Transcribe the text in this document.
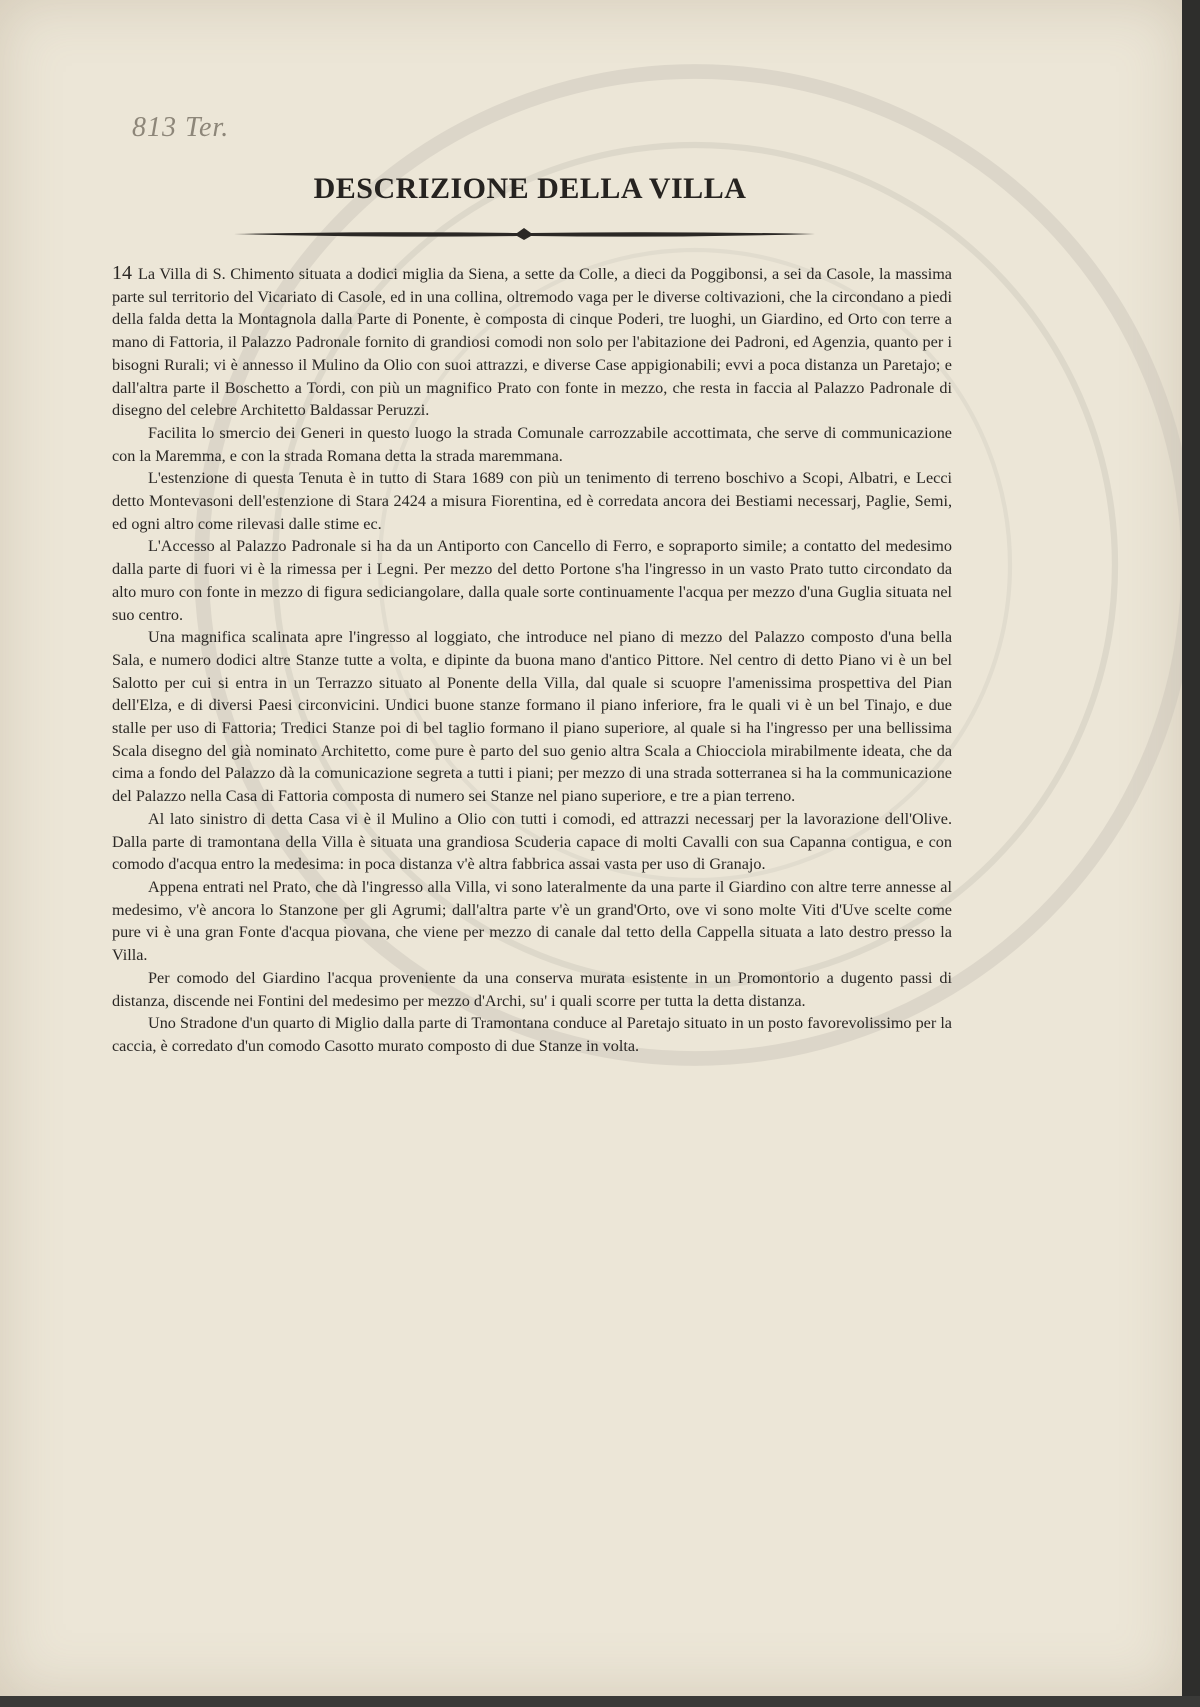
813 Ter.
DESCRIZIONE DELLA VILLA

14 La Villa di S. Chimento situata a dodici miglia da Siena, a sette da Colle, a dieci da Poggibonsi, a sei da Casole, la massima parte sul territorio del Vicariato di Casole, ed in una collina, oltremodo vaga per le diverse coltivazioni, che la circondano a piedi della falda detta la Montagnola dalla Parte di Ponente, è composta di cinque Poderi, tre luoghi, un Giardino, ed Orto con terre a mano di Fattoria, il Palazzo Padronale fornito di grandiosi comodi non solo per l'abitazione dei Padroni, ed Agenzia, quanto per i bisogni Rurali; vi è annesso il Mulino da Olio con suoi attrazzi, e diverse Case appigionabili; evvi a poca distanza un Paretajo; e dall'altra parte il Boschetto a Tordi, con più un magnifico Prato con fonte in mezzo, che resta in faccia al Palazzo Padronale di disegno del celebre Architetto Baldassar Peruzzi.

Facilita lo smercio dei Generi in questo luogo la strada Comunale carrozzabile accottimata, che serve di communicazione con la Maremma, e con la strada Romana detta la strada maremmana.

L'estenzione di questa Tenuta è in tutto di Stara 1689 con più un tenimento di terreno boschivo a Scopi, Albatri, e Lecci detto Montevasoni dell'estenzione di Stara 2424 a misura Fiorentina, ed è corredata ancora dei Bestiami necessarj, Paglie, Semi, ed ogni altro come rilevasi dalle stime ec.

L'Accesso al Palazzo Padronale si ha da un Antiporto con Cancello di Ferro, e sopraporto simile; a contatto del medesimo dalla parte di fuori vi è la rimessa per i Legni. Per mezzo del detto Portone s'ha l'ingresso in un vasto Prato tutto circondato da alto muro con fonte in mezzo di figura sediciangolare, dalla quale sorte continuamente l'acqua per mezzo d'una Guglia situata nel suo centro.

Una magnifica scalinata apre l'ingresso al loggiato, che introduce nel piano di mezzo del Palazzo composto d'una bella Sala, e numero dodici altre Stanze tutte a volta, e dipinte da buona mano d'antico Pittore. Nel centro di detto Piano vi è un bel Salotto per cui si entra in un Terrazzo situato al Ponente della Villa, dal quale si scuopre l'amenissima prospettiva del Pian dell'Elza, e di diversi Paesi circonvicini. Undici buone stanze formano il piano inferiore, fra le quali vi è un bel Tinajo, e due stalle per uso di Fattoria; Tredici Stanze poi di bel taglio formano il piano superiore, al quale si ha l'ingresso per una bellissima Scala disegno del già nominato Architetto, come pure è parto del suo genio altra Scala a Chiocciola mirabilmente ideata, che da cima a fondo del Palazzo dà la comunicazione segreta a tutti i piani; per mezzo di una strada sotterranea si ha la communicazione del Palazzo nella Casa di Fattoria composta di numero sei Stanze nel piano superiore, e tre a pian terreno.

Al lato sinistro di detta Casa vi è il Mulino a Olio con tutti i comodi, ed attrazzi necessarj per la lavorazione dell'Olive. Dalla parte di tramontana della Villa è situata una grandiosa Scuderia capace di molti Cavalli con sua Capanna contigua, e con comodo d'acqua entro la medesima: in poca distanza v'è altra fabbrica assai vasta per uso di Granajo.

Appena entrati nel Prato, che dà l'ingresso alla Villa, vi sono lateralmente da una parte il Giardino con altre terre annesse al medesimo, v'è ancora lo Stanzone per gli Agrumi; dall'altra parte v'è un grand'Orto, ove vi sono molte Viti d'Uve scelte come pure vi è una gran Fonte d'acqua piovana, che viene per mezzo di canale dal tetto della Cappella situata a lato destro presso la Villa.

Per comodo del Giardino l'acqua proveniente da una conserva murata esistente in un Promontorio a dugento passi di distanza, discende nei Fontini del medesimo per mezzo d'Archi, su' i quali scorre per tutta la detta distanza.

Uno Stradone d'un quarto di Miglio dalla parte di Tramontana conduce al Paretajo situato in un posto favorevolissimo per la caccia, è corredato d'un comodo Casotto murato composto di due Stanze in volta.
